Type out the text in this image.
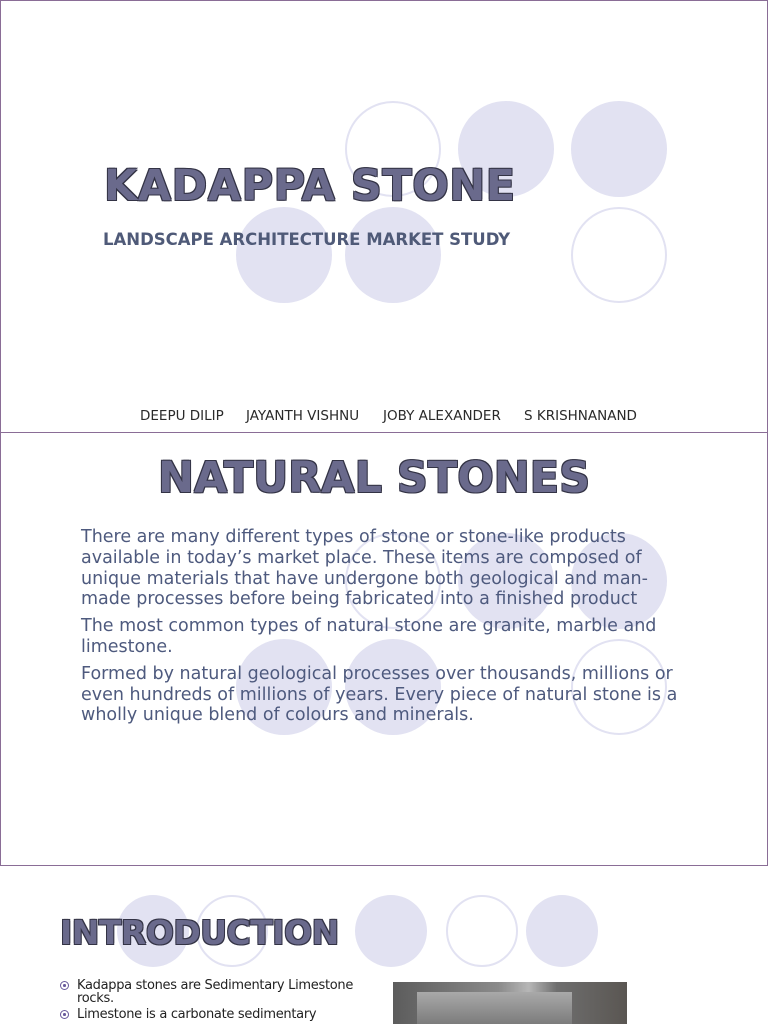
KADAPPA STONE
LANDSCAPE ARCHITECTURE MARKET STUDY
DEEPU DILIP JAYANTH VISHNU JOBY ALEXANDER S KRISHNANAND
NATURAL STONES

There are many different types of stone or stone-like products available in today’s market place. These items are composed of unique materials that have undergone both geological and man-made processes before being fabricated into a finished product

The most common types of natural stone are granite, marble and limestone.

Formed by natural geological processes over thousands, millions or even hundreds of millions of years. Every piece of natural stone is a wholly unique blend of colours and minerals.

INTRODUCTION
Kadappa stones are Sedimentary Limestone rocks.
Limestone is a carbonate sedimentary
